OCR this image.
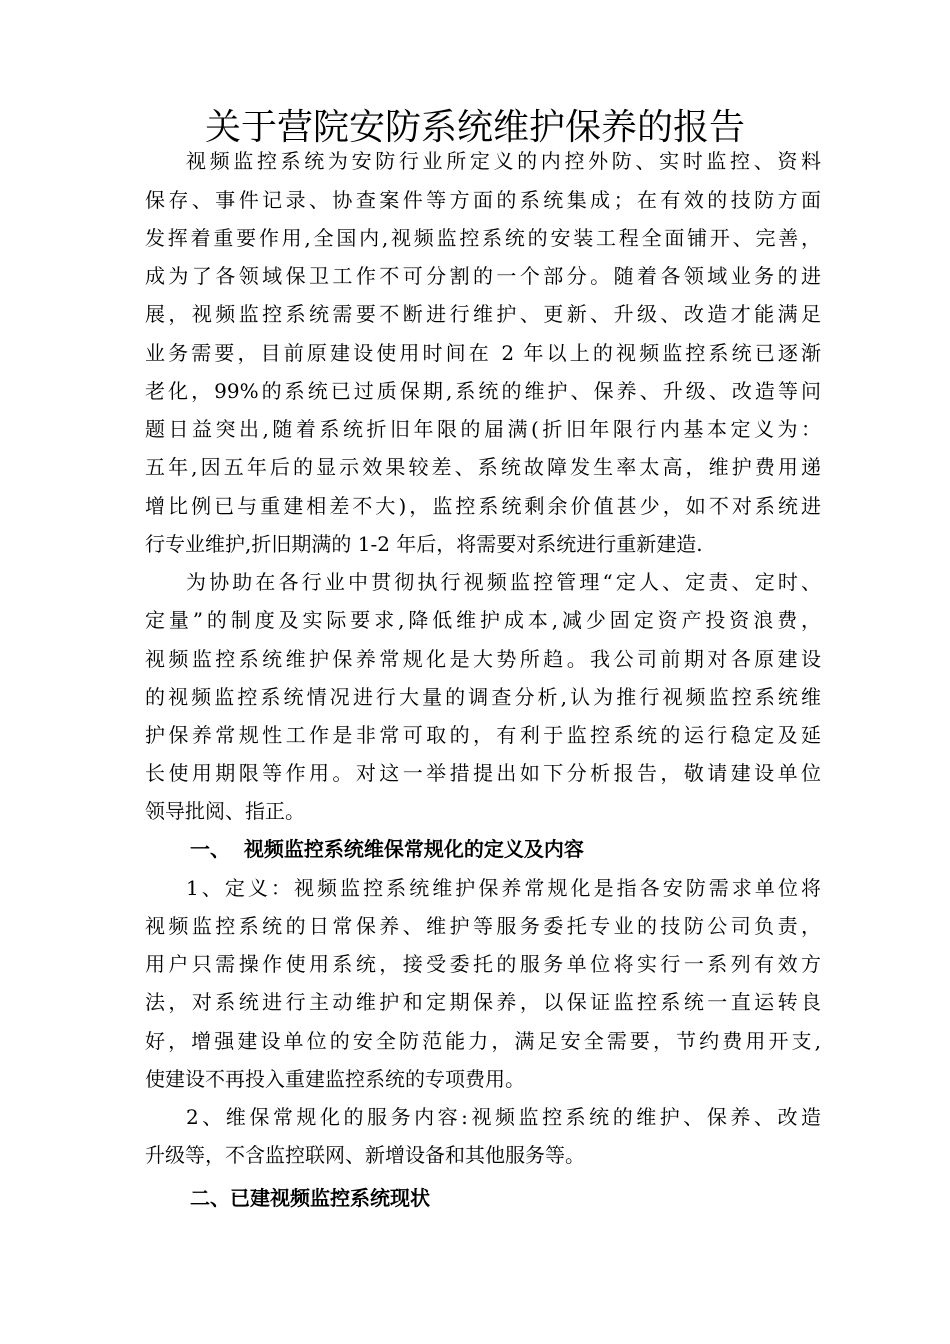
关于营院安防系统维护保养的报告
视频监控系统为安防行业所定义的内控外防、实时监控、资料
保存、事件记录、协查案件等方面的系统集成；在有效的技防方面
发挥着重要作用,全国内,视频监控系统的安装工程全面铺开、完善，
成为了各领域保卫工作不可分割的一个部分。随着各领域业务的进
展，视频监控系统需要不断进行维护、更新、升级、改造才能满足
业务需要，目前原建设使用时间在 2 年以上的视频监控系统已逐渐
老化，99%的系统已过质保期,系统的维护、保养、升级、改造等问
题日益突出,随着系统折旧年限的届满(折旧年限行内基本定义为：
五年,因五年后的显示效果较差、系统故障发生率太高，维护费用递
增比例已与重建相差不大)，监控系统剩余价值甚少，如不对系统进
行专业维护,折旧期满的 1-2 年后，将需要对系统进行重新建造.
为协助在各行业中贯彻执行视频监控管理“定人、定责、定时、
定量”的制度及实际要求,降低维护成本,减少固定资产投资浪费，
视频监控系统维护保养常规化是大势所趋。我公司前期对各原建设
的视频监控系统情况进行大量的调查分析,认为推行视频监控系统维
护保养常规性工作是非常可取的，有利于监控系统的运行稳定及延
长使用期限等作用。对这一举措提出如下分析报告，敬请建设单位
领导批阅、指正。
一、  视频监控系统维保常规化的定义及内容
1、定义：视频监控系统维护保养常规化是指各安防需求单位将
视频监控系统的日常保养、维护等服务委托专业的技防公司负责，
用户只需操作使用系统，接受委托的服务单位将实行一系列有效方
法，对系统进行主动维护和定期保养，以保证监控系统一直运转良
好，增强建设单位的安全防范能力，满足安全需要，节约费用开支,
使建设不再投入重建监控系统的专项费用。
2、维保常规化的服务内容:视频监控系统的维护、保养、改造
升级等，不含监控联网、新增设备和其他服务等。
二、已建视频监控系统现状
